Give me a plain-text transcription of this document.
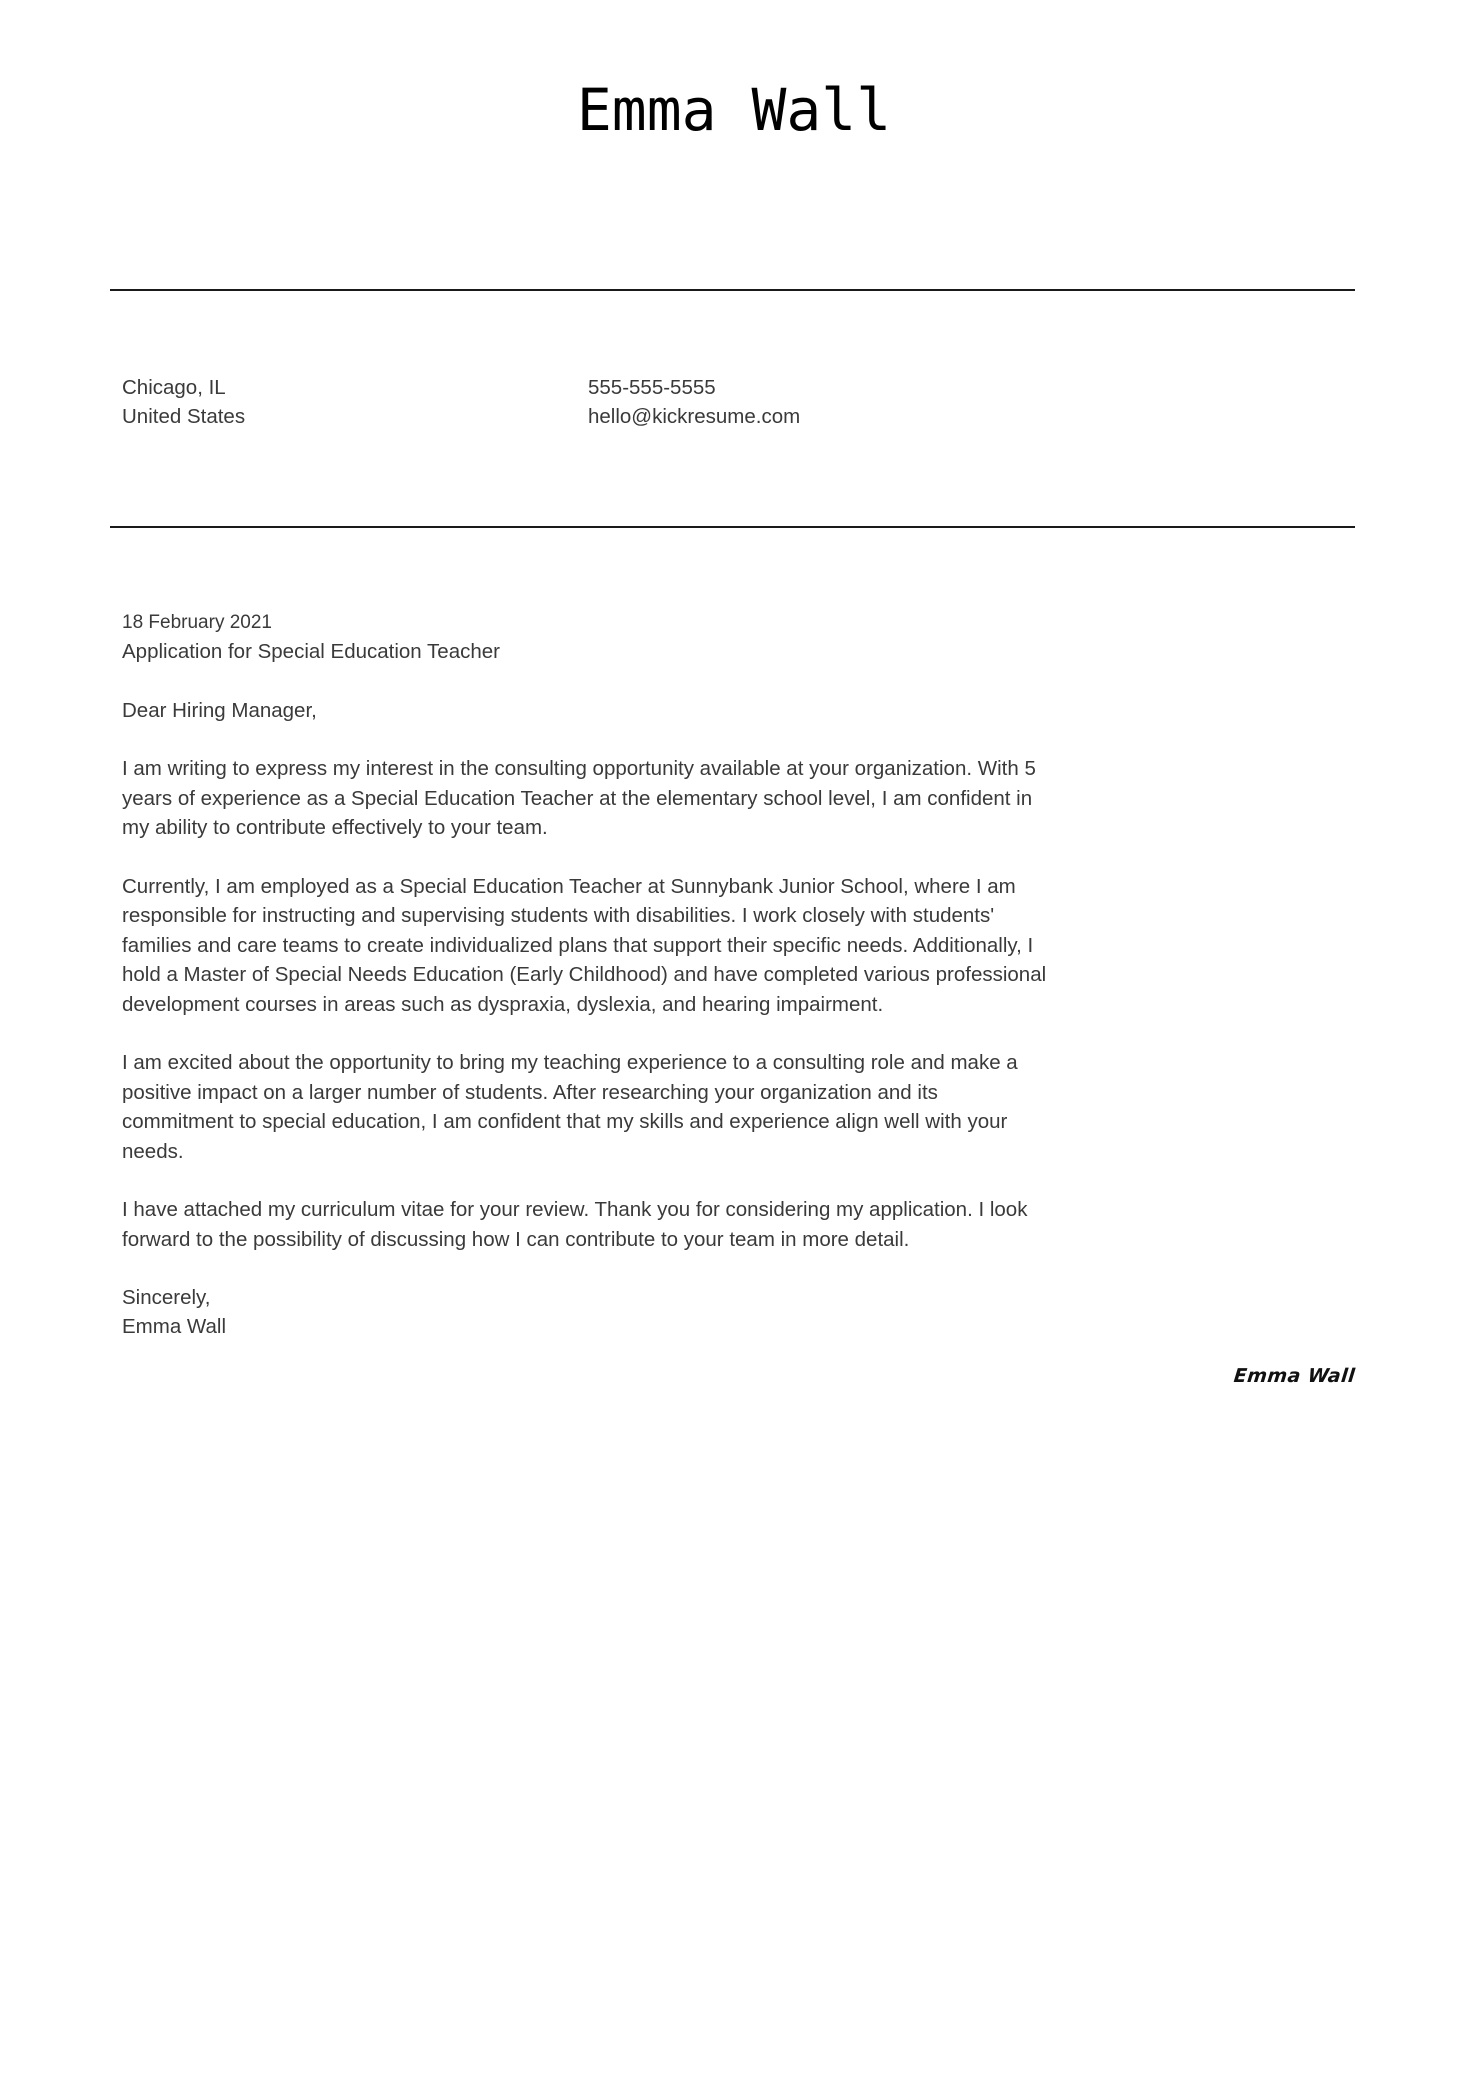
Emma Wall
Chicago, IL
United States
555-555-5555
hello@kickresume.com
18 February 2021
Application for Special Education Teacher
Dear Hiring Manager,

I am writing to express my interest in the consulting opportunity available at your organization. With 5 years of experience as a Special Education Teacher at the elementary school level, I am confident in my ability to contribute effectively to your team.

Currently, I am employed as a Special Education Teacher at Sunnybank Junior School, where I am responsible for instructing and supervising students with disabilities. I work closely with students' families and care teams to create individualized plans that support their specific needs. Additionally, I hold a Master of Special Needs Education (Early Childhood) and have completed various professional development courses in areas such as dyspraxia, dyslexia, and hearing impairment.

I am excited about the opportunity to bring my teaching experience to a consulting role and make a positive impact on a larger number of students. After researching your organization and its commitment to special education, I am confident that my skills and experience align well with your needs.

I have attached my curriculum vitae for your review. Thank you for considering my application. I look forward to the possibility of discussing how I can contribute to your team in more detail.

Sincerely,
Emma Wall
Emma Wall
